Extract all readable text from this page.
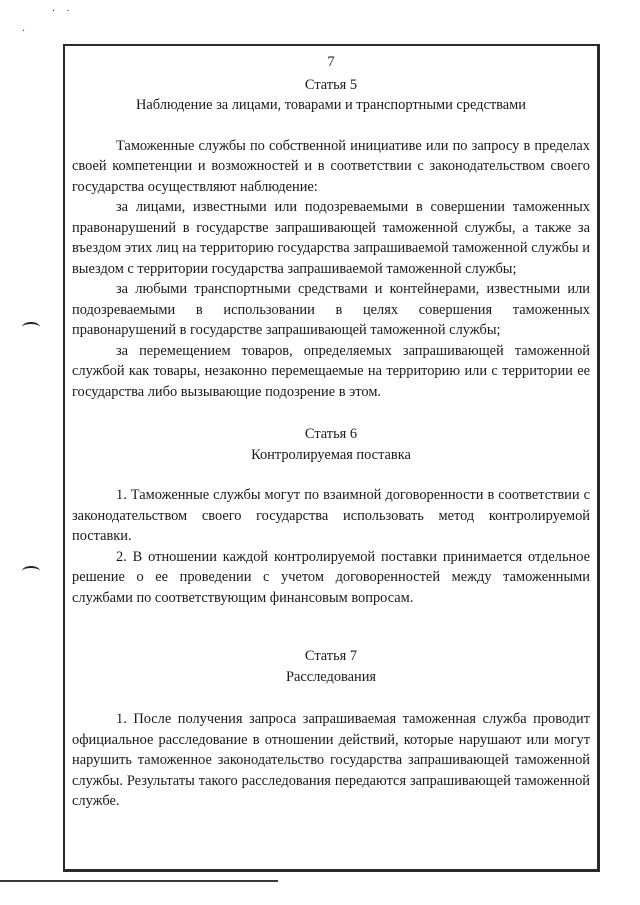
· ·
·
7
Статья 5
Наблюдение за лицами, товарами и транспортными средствами

Таможенные службы по собственной инициативе или по запросу в пределах своей компетенции и возможностей и в соответствии с законодательством своего государства осуществляют наблюдение:

за лицами, известными или подозреваемыми в совершении таможенных правонарушений в государстве запрашивающей таможенной службы, а также за въездом этих лиц на территорию государства запрашиваемой таможенной службы и выездом с территории государства запрашиваемой таможенной службы;

за любыми транспортными средствами и контейнерами, известными или подозреваемыми в использовании в целях совершения таможенных правонарушений в государстве запрашивающей таможенной службы;

за перемещением товаров, определяемых запрашивающей таможенной службой как товары, незаконно перемещаемые на территорию или с территории ее государства либо вызывающие подозрение в этом.

Статья 6
Контролируемая поставка

1. Таможенные службы могут по взаимной договоренности в соответствии с законодательством своего государства использовать метод контролируемой поставки.

2. В отношении каждой контролируемой поставки принимается отдельное решение о ее проведении с учетом договоренностей между таможенными службами по соответствующим финансовым вопросам.

Статья 7
Расследования

1. После получения запроса запрашиваемая таможенная служба проводит официальное расследование в отношении действий, которые нарушают или могут нарушить таможенное законодательство государства запрашивающей таможенной службы. Результаты такого расследования передаются запрашивающей таможенной службе.
